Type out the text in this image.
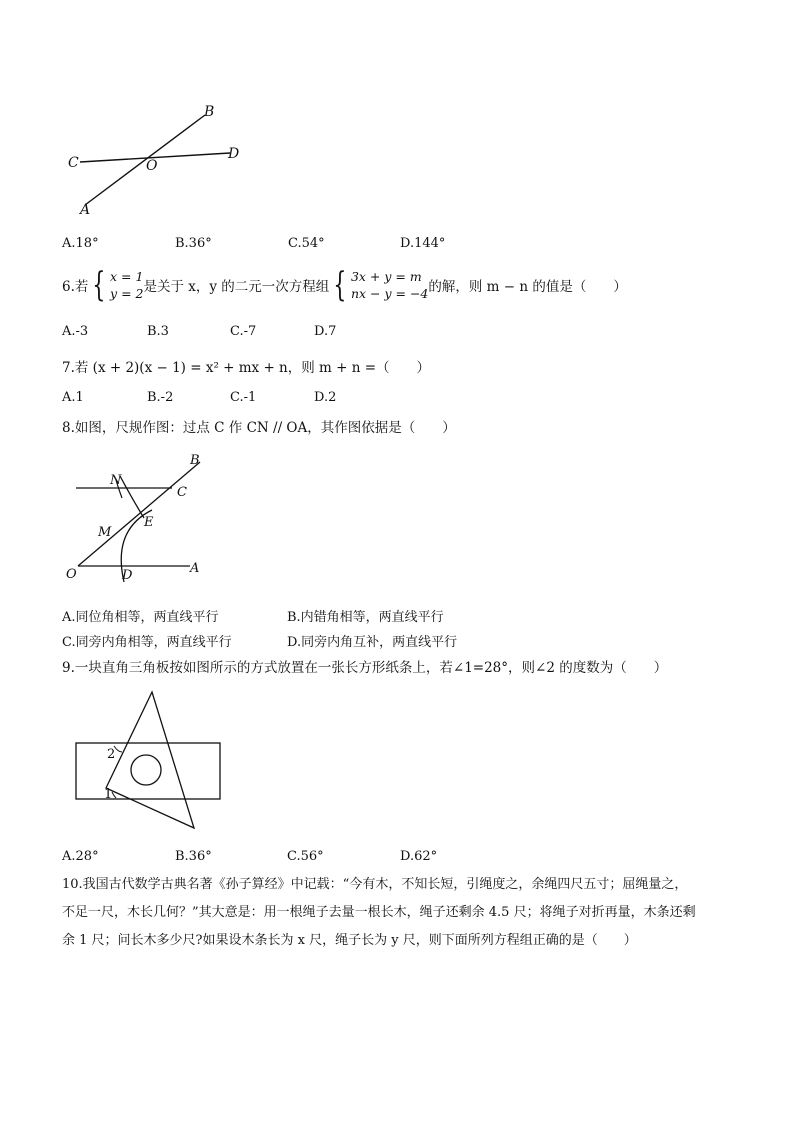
B
C	O
D
A
A.18°	B.36°	C.54°	D.144°
6.若 { x = 1
y = 2是关于 x，y 的二元一次方程组 { 3x + y = m
nx − y = −4的解，则 m − n 的值是（　　）
A.-3	B.3	C.-7	D.7
7.若 (x + 2)(x − 1) = x² + mx + n，则 m + n =（　　）
A.1	B.-2	C.-1	D.2
8.如图，尺规作图：过点 C 作 CN // OA，其作图依据是（　　）
B
N
C
E
M
O	D	A
A.同位角相等，两直线平行	B.内错角相等，两直线平行
C.同旁内角相等，两直线平行	D.同旁内角互补，两直线平行
9.一块直角三角板按如图所示的方式放置在一张长方形纸条上，若∠1=28°，则∠2 的度数为（　　）
2
1
A.28°	B.36°	C.56°	D.62°
10.我国古代数学古典名著《孙子算经》中记载：“今有木，不知长短，引绳度之，余绳四尺五寸；屈绳量之，
不足一尺，木长几何？”其大意是：用一根绳子去量一根长木，绳子还剩余 4.5 尺；将绳子对折再量，木条还剩
余 1 尺；问长木多少尺?如果设木条长为 x 尺，绳子长为 y 尺，则下面所列方程组正确的是（　　）
